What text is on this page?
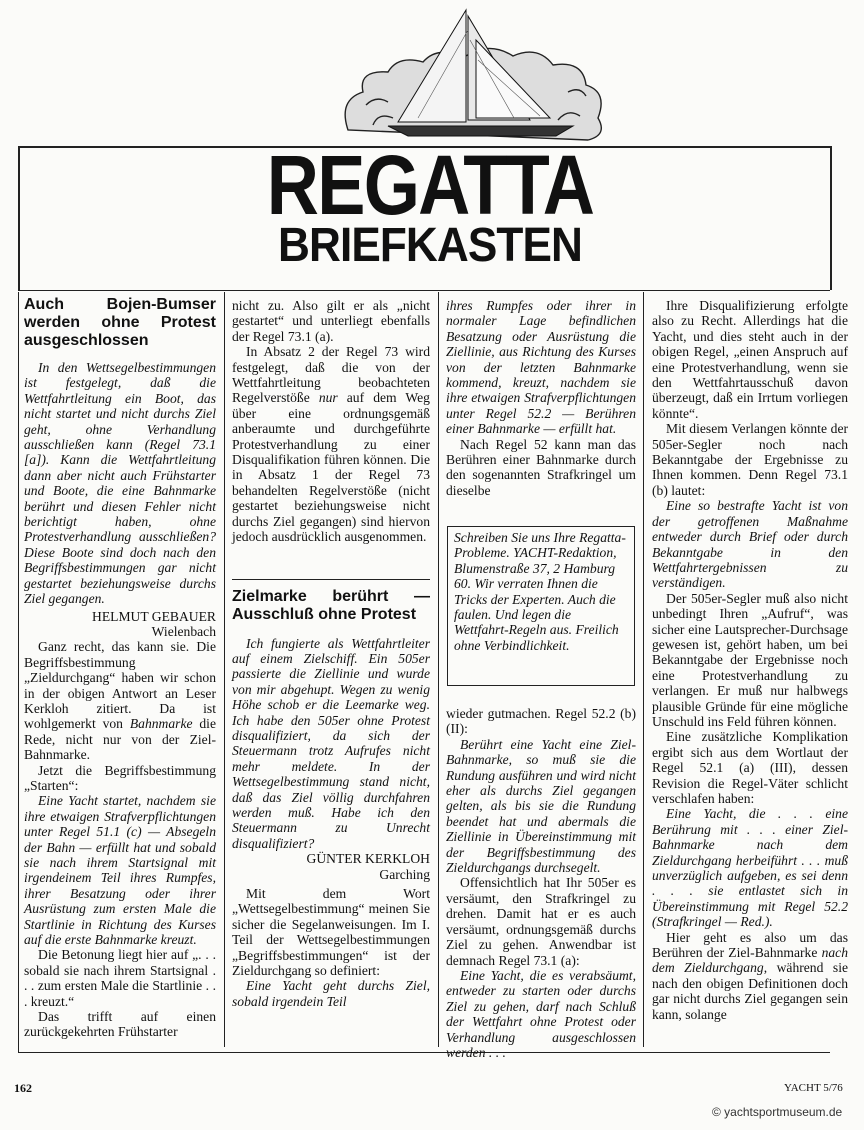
REGATTA
BRIEFKASTEN

Auch Bojen-Bumser werden ohne Protest ausgeschlossen

In den Wettsegelbestimmungen ist festgelegt, daß die Wettfahrtleitung ein Boot, das nicht startet und nicht durchs Ziel geht, ohne Verhandlung ausschließen kann (Regel 73.1 [a]). Kann die Wettfahrtleitung dann aber nicht auch Frühstarter und Boote, die eine Bahnmarke berührt und diesen Fehler nicht berichtigt haben, ohne Protestverhandlung ausschließen? Diese Boote sind doch nach den Begriffsbestimmungen gar nicht gestartet beziehungsweise durchs Ziel gegangen.

HELMUT GEBAUER

Wielenbach

Ganz recht, das kann sie. Die Begriffsbestimmung „Zieldurchgang“ haben wir schon in der obigen Antwort an Leser Kerkloh zitiert. Da ist wohlgemerkt von Bahnmarke die Rede, nicht nur von der Ziel-Bahnmarke.

Jetzt die Begriffsbestimmung „Starten“:

Eine Yacht startet, nachdem sie ihre etwaigen Strafverpflichtungen unter Regel 51.1 (c) — Absegeln der Bahn — erfüllt hat und sobald sie nach ihrem Startsignal mit irgendeinem Teil ihres Rumpfes, ihrer Besatzung oder ihrer Ausrüstung zum ersten Male die Startlinie in Richtung des Kurses auf die erste Bahnmarke kreuzt.

Die Betonung liegt hier auf „. . . sobald sie nach ihrem Startsignal . . . zum ersten Male die Startlinie . . . kreuzt.“

Das trifft auf einen zurückgekehrten Frühstarter

nicht zu. Also gilt er als „nicht gestartet“ und unterliegt ebenfalls der Regel 73.1 (a).

In Absatz 2 der Regel 73 wird festgelegt, daß die von der Wettfahrtleitung beobachteten Regelverstöße nur auf dem Weg über eine ordnungsgemäß anberaumte und durchgeführte Protestverhandlung zu einer Disqualifikation führen können. Die in Absatz 1 der Regel 73 behandelten Regelverstöße (nicht gestartet beziehungsweise nicht durchs Ziel gegangen) sind hiervon jedoch ausdrücklich ausgenommen.

Zielmarke berührt — Ausschluß ohne Protest

Ich fungierte als Wettfahrtleiter auf einem Zielschiff. Ein 505er passierte die Ziellinie und wurde von mir abgehupt. Wegen zu wenig Höhe schob er die Leemarke weg. Ich habe den 505er ohne Protest disqualifiziert, da sich der Steuermann trotz Aufrufes nicht mehr meldete. In der Wettsegelbestimmung stand nicht, daß das Ziel völlig durchfahren werden muß. Habe ich den Steuermann zu Unrecht disqualifiziert?

GÜNTER KERKLOH

Garching

Mit dem Wort „Wettsegelbestimmung“ meinen Sie sicher die Segelanweisungen. Im I. Teil der Wettsegelbestimmungen „Begriffsbestimmungen“ ist der Zieldurchgang so definiert:

Eine Yacht geht durchs Ziel, sobald irgendein Teil

ihres Rumpfes oder ihrer in normaler Lage befindlichen Besatzung oder Ausrüstung die Ziellinie, aus Richtung des Kurses von der letzten Bahnmarke kommend, kreuzt, nachdem sie ihre etwaigen Strafverpflichtungen unter Regel 52.2 — Berühren einer Bahnmarke — erfüllt hat.

Nach Regel 52 kann man das Berühren einer Bahnmarke durch den sogenannten Strafkringel um dieselbe

Schreiben Sie uns Ihre Regatta-Probleme. YACHT-Redaktion, Blumenstraße 37, 2 Hamburg 60. Wir verraten Ihnen die Tricks der Experten. Auch die faulen. Und legen die Wettfahrt-Regeln aus. Freilich ohne Verbindlichkeit.

wieder gutmachen. Regel 52.2 (b) (II):

Berührt eine Yacht eine Ziel-Bahnmarke, so muß sie die Rundung ausführen und wird nicht eher als durchs Ziel gegangen gelten, als bis sie die Rundung beendet hat und abermals die Ziellinie in Übereinstimmung mit der Begriffsbestimmung des Zieldurchgangs durchsegelt.

Offensichtlich hat Ihr 505er es versäumt, den Strafkringel zu drehen. Damit hat er es auch versäumt, ordnungsgemäß durchs Ziel zu gehen. Anwendbar ist demnach Regel 73.1 (a):

Eine Yacht, die es verabsäumt, entweder zu starten oder durchs Ziel zu gehen, darf nach Schluß der Wettfahrt ohne Protest oder Verhandlung ausgeschlossen werden . . .

Ihre Disqualifizierung erfolgte also zu Recht. Allerdings hat die Yacht, und dies steht auch in der obigen Regel, „einen Anspruch auf eine Protestverhandlung, wenn sie den Wettfahrtausschuß davon überzeugt, daß ein Irrtum vorliegen könnte“.

Mit diesem Verlangen könnte der 505er-Segler noch nach Bekanntgabe der Ergebnisse zu Ihnen kommen. Denn Regel 73.1 (b) lautet:

Eine so bestrafte Yacht ist von der getroffenen Maßnahme entweder durch Brief oder durch Bekanntgabe in den Wettfahrtergebnissen zu verständigen.

Der 505er-Segler muß also nicht unbedingt Ihren „Aufruf“, was sicher eine Lautsprecher-Durchsage gewesen ist, gehört haben, um bei Bekanntgabe der Ergebnisse noch eine Protestverhandlung zu verlangen. Er muß nur halbwegs plausible Gründe für eine mögliche Unschuld ins Feld führen können.

Eine zusätzliche Komplikation ergibt sich aus dem Wortlaut der Regel 52.1 (a) (III), dessen Revision die Regel-Väter schlicht verschlafen haben:

Eine Yacht, die . . . eine Berührung mit . . . einer Ziel-Bahnmarke nach dem Zieldurchgang herbeiführt . . . muß unverzüglich aufgeben, es sei denn . . . sie entlastet sich in Übereinstimmung mit Regel 52.2 (Strafkringel — Red.).

Hier geht es also um das Berühren der Ziel-Bahnmarke nach dem Zieldurchgang, während sie nach den obigen Definitionen doch gar nicht durchs Ziel gegangen sein kann, solange

162	YACHT 5/76
© yachtsportmuseum.de
